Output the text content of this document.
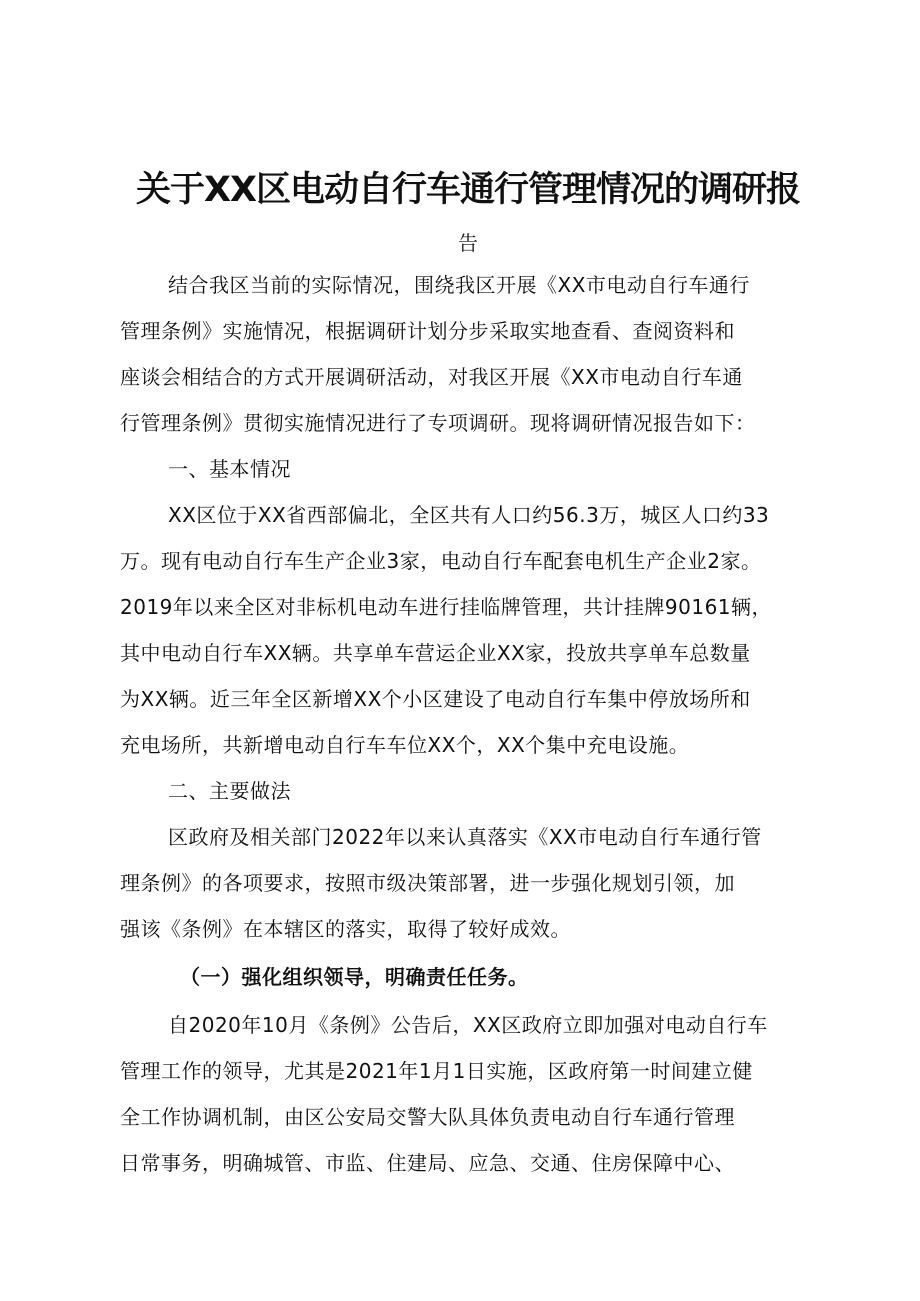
关于XX区电动自行车通行管理情况的调研报
告
结合我区当前的实际情况，围绕我区开展《XX市电动自行车通行
管理条例》实施情况，根据调研计划分步采取实地查看、查阅资料和
座谈会相结合的方式开展调研活动，对我区开展《XX市电动自行车通
行管理条例》贯彻实施情况进行了专项调研。现将调研情况报告如下：
一、基本情况
XX区位于XX省西部偏北，全区共有人口约56.3万，城区人口约33
万。现有电动自行车生产企业3家，电动自行车配套电机生产企业2家。
2019年以来全区对非标机电动车进行挂临牌管理，共计挂牌90161辆，
其中电动自行车XX辆。共享单车营运企业XX家，投放共享单车总数量
为XX辆。近三年全区新增XX个小区建设了电动自行车集中停放场所和
充电场所，共新增电动自行车车位XX个，XX个集中充电设施。
二、主要做法
区政府及相关部门2022年以来认真落实《XX市电动自行车通行管
理条例》的各项要求，按照市级决策部署，进一步强化规划引领，加
强该《条例》在本辖区的落实，取得了较好成效。
（一）强化组织领导，明确责任任务。
自2020年10月《条例》公告后，XX区政府立即加强对电动自行车
管理工作的领导，尤其是2021年1月1日实施，区政府第一时间建立健
全工作协调机制，由区公安局交警大队具体负责电动自行车通行管理
日常事务，明确城管、市监、住建局、应急、交通、住房保障中心、
